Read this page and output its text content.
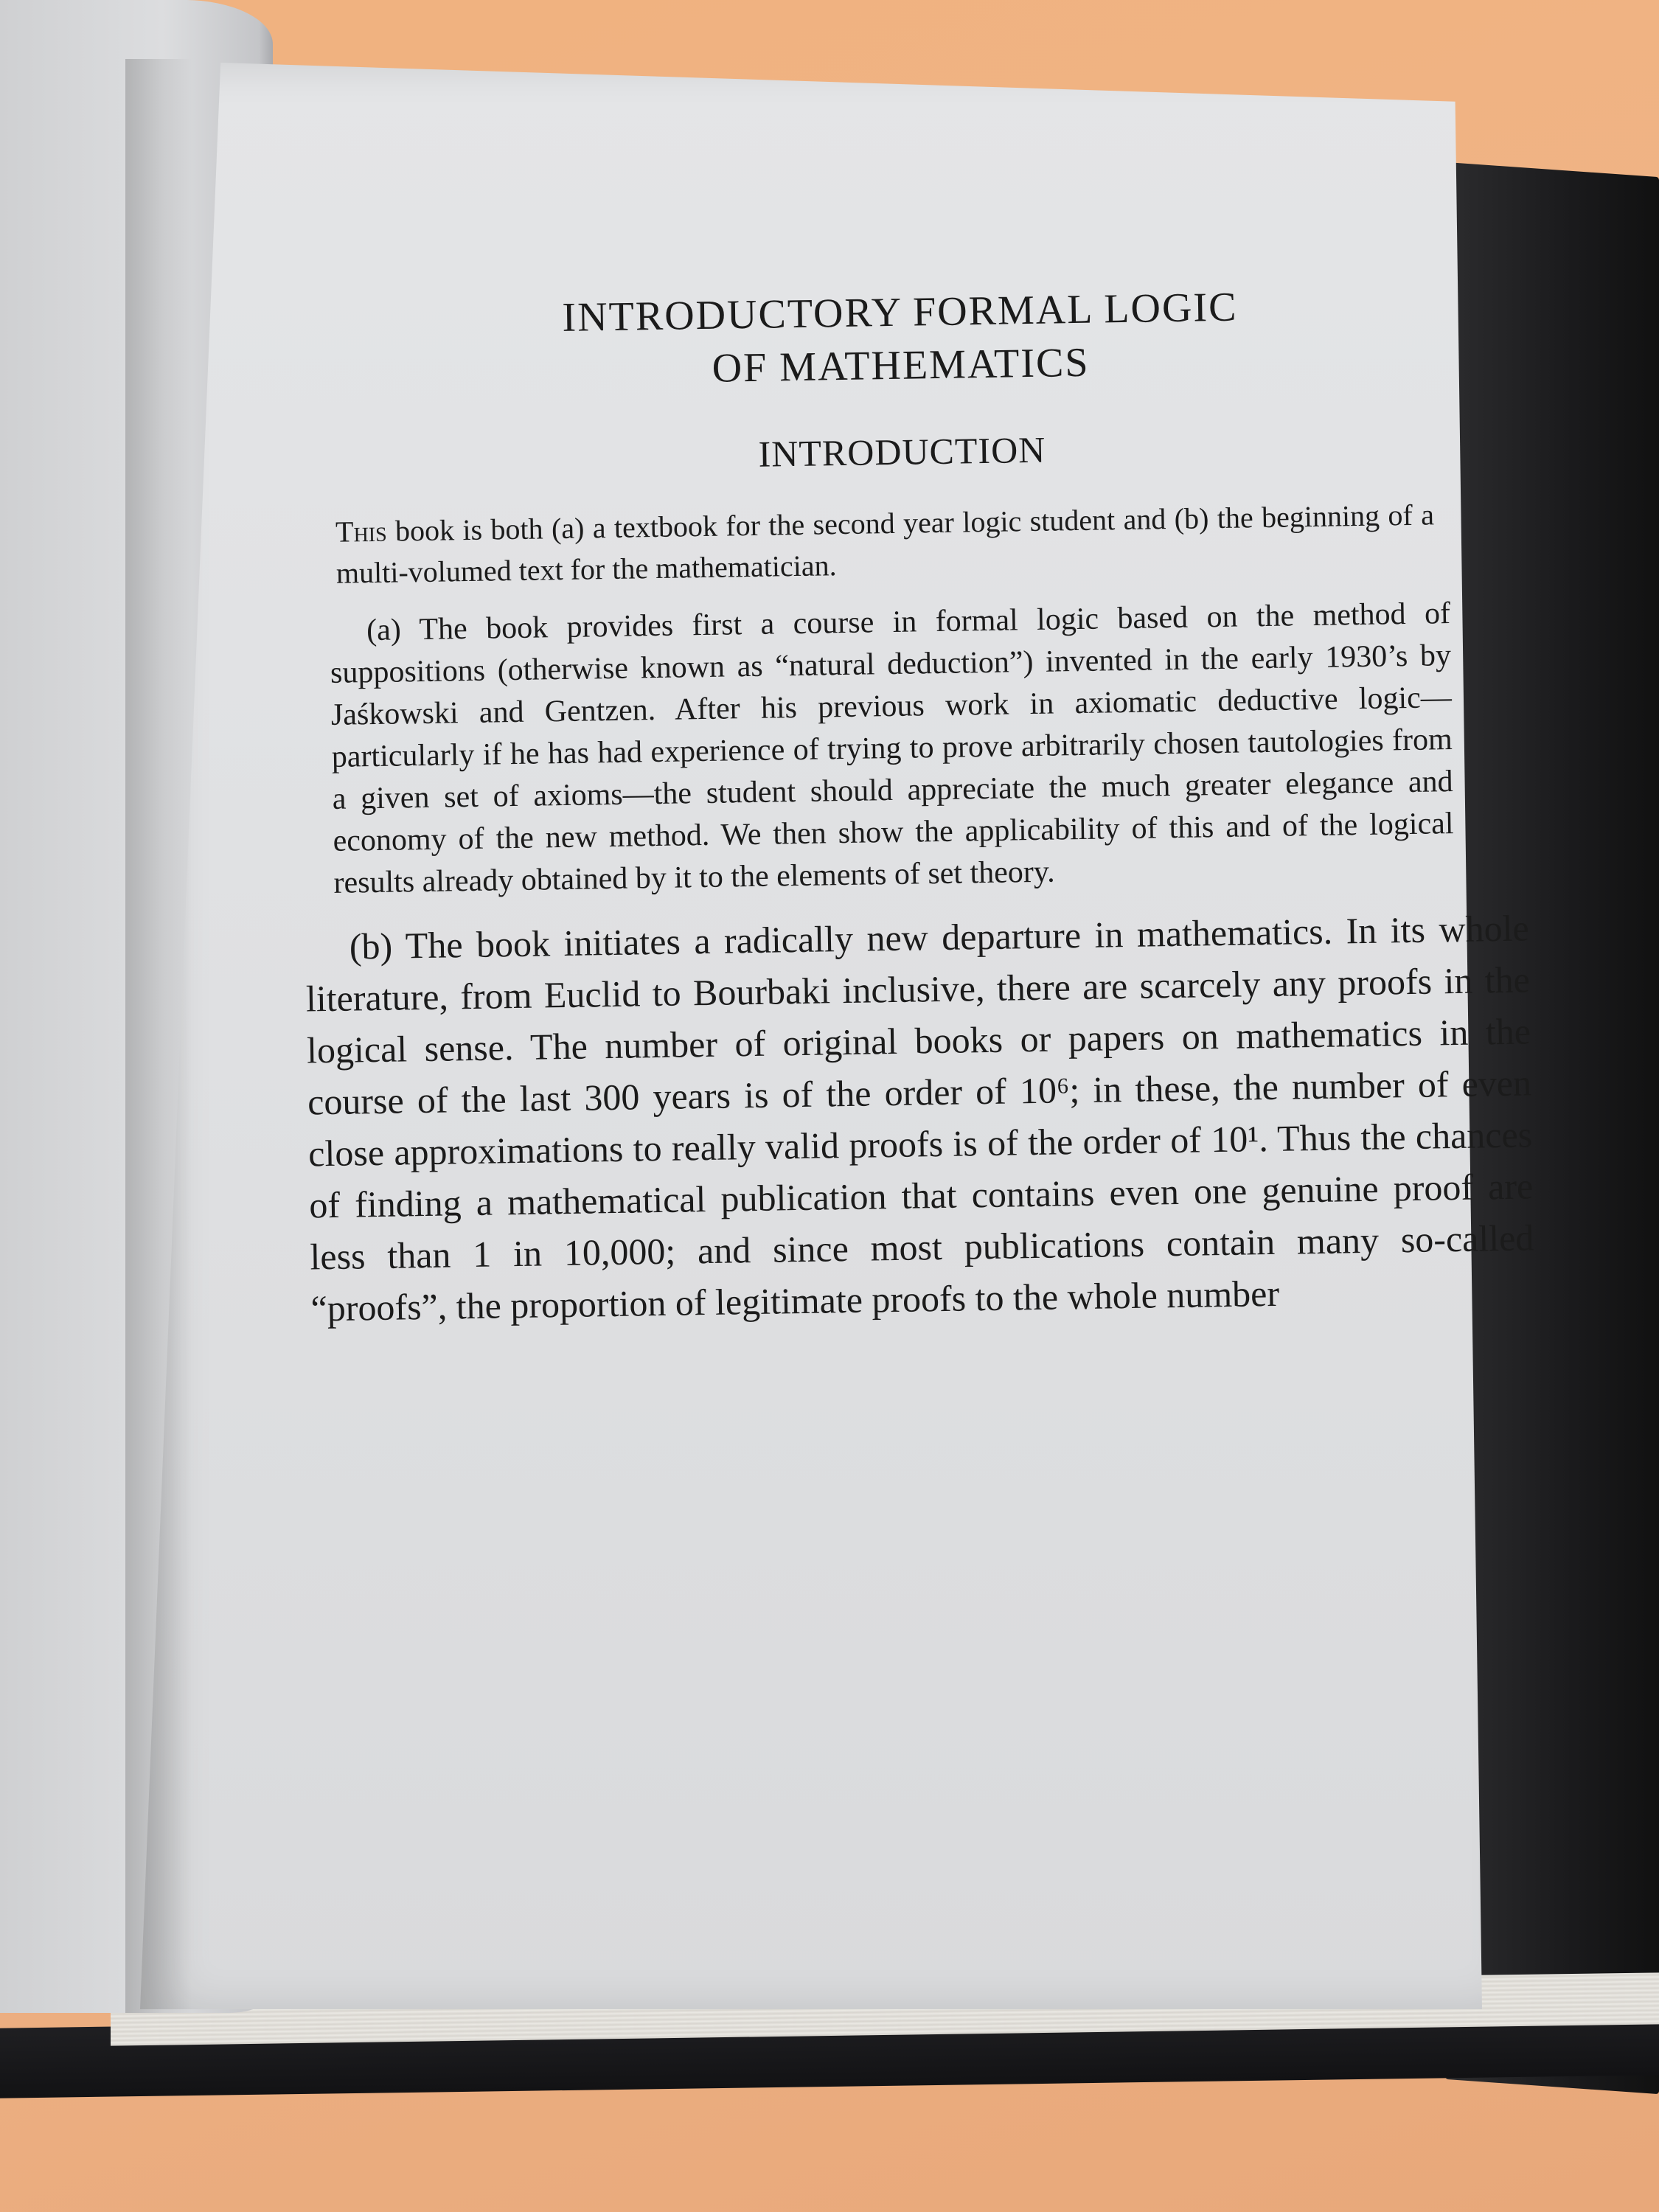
INTRODUCTORY FORMAL LOGIC
OF MATHEMATICS
INTRODUCTION

This book is both (a) a textbook for the second year logic student and (b) the beginning of a multi-volumed text for the mathematician.

(a) The book provides first a course in formal logic based on the method of suppositions (otherwise known as “natural deduction”) invented in the early 1930’s by Jaśkowski and Gentzen. After his previous work in axiomatic deductive logic—particularly if he has had experience of trying to prove arbitrarily chosen tautologies from a given set of axioms—the student should appreciate the much greater elegance and economy of the new method. We then show the applicability of this and of the logical results already obtained by it to the elements of set theory.

(b) The book initiates a radically new departure in mathematics. In its whole literature, from Euclid to Bourbaki inclusive, there are scarcely any proofs in the logical sense. The number of original books or papers on mathematics in the course of the last 300 years is of the order of 10⁶; in these, the number of even close approximations to really valid proofs is of the order of 10¹. Thus the chances of finding a mathematical publication that contains even one genuine proof are less than 1 in 10,000; and since most publications contain many so-called “proofs”, the proportion of legitimate proofs to the whole number
